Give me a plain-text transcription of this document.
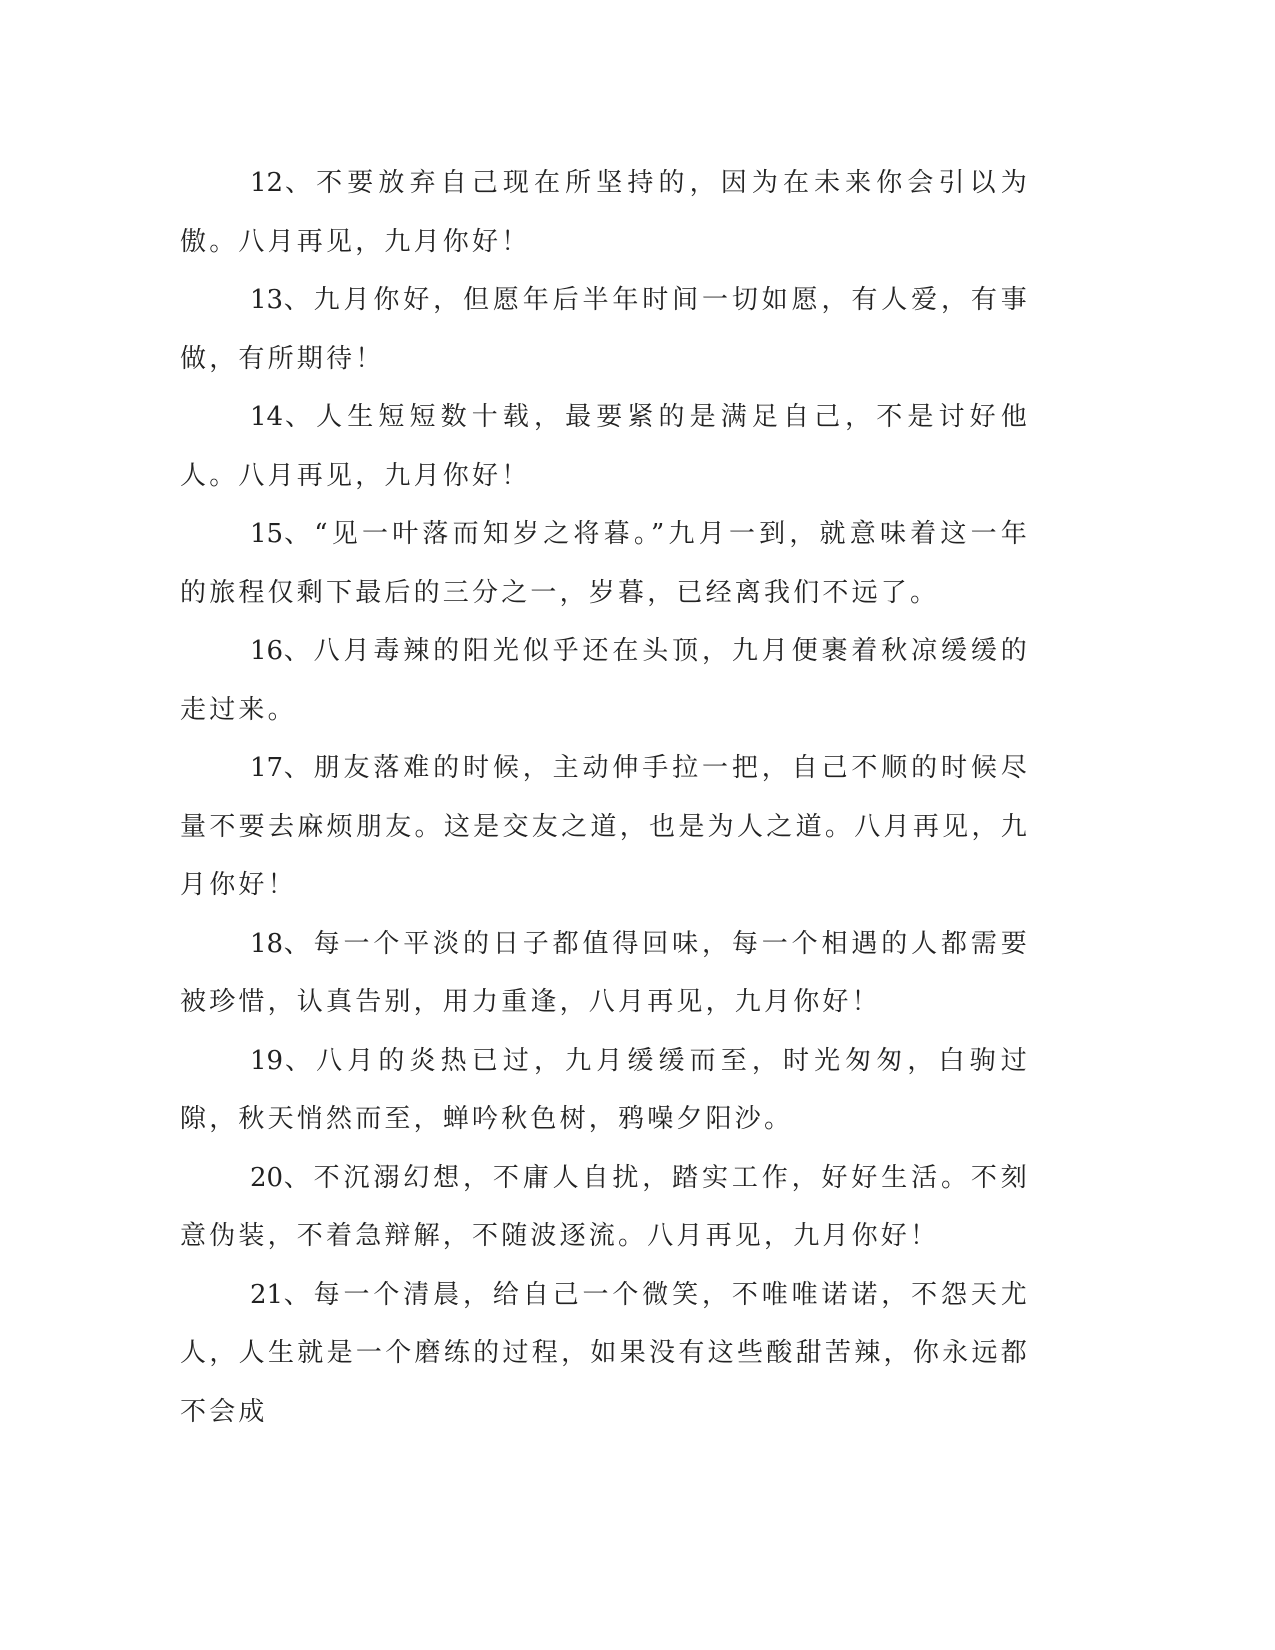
12、不要放弃自己现在所坚持的，因为在未来你会引以为傲。八月再见，九月你好！

13、九月你好，但愿年后半年时间一切如愿，有人爱，有事做，有所期待！

14、人生短短数十载，最要紧的是满足自己，不是讨好他人。八月再见，九月你好！

15、“见一叶落而知岁之将暮。”九月一到，就意味着这一年的旅程仅剩下最后的三分之一，岁暮，已经离我们不远了。

16、八月毒辣的阳光似乎还在头顶，九月便裹着秋凉缓缓的走过来。

17、朋友落难的时候，主动伸手拉一把，自己不顺的时候尽量不要去麻烦朋友。这是交友之道，也是为人之道。八月再见，九月你好！

18、每一个平淡的日子都值得回味，每一个相遇的人都需要被珍惜，认真告别，用力重逢，八月再见，九月你好！

19、八月的炎热已过，九月缓缓而至，时光匆匆，白驹过隙，秋天悄然而至，蝉吟秋色树，鸦噪夕阳沙。

20、不沉溺幻想，不庸人自扰，踏实工作，好好生活。不刻意伪装，不着急辩解，不随波逐流。八月再见，九月你好！

21、每一个清晨，给自己一个微笑，不唯唯诺诺，不怨天尤人，人生就是一个磨练的过程，如果没有这些酸甜苦辣，你永远都不会成
